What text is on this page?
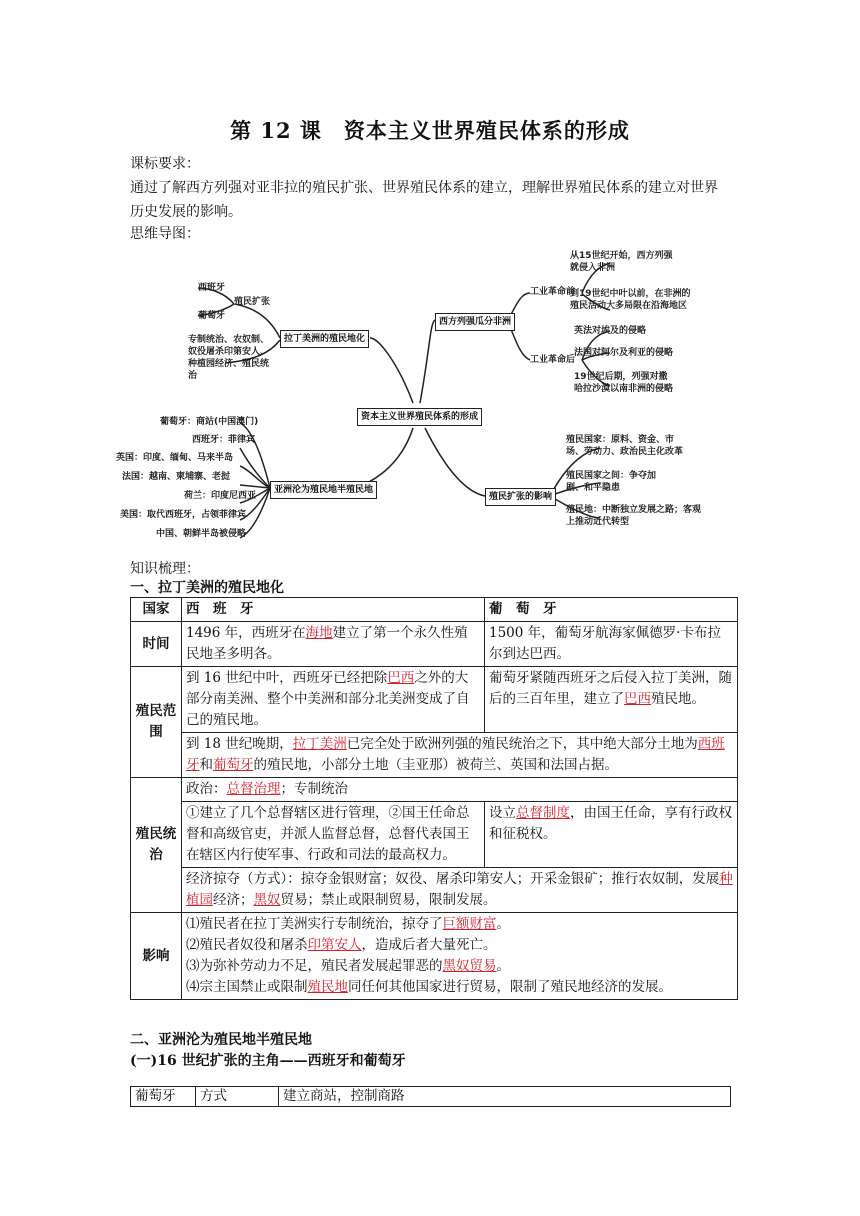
第 12 课　资本主义世界殖民体系的形成
课标要求：
通过了解西方列强对亚非拉的殖民扩张、世界殖民体系的建立，理解世界殖民体系的建立对世界历史发展的影响。
思维导图：
资本主义世界殖民体系的形成
拉丁美洲的殖民地化
西班牙
葡萄牙
殖民扩张
专制统治、农奴制、奴役屠杀印第安人、种植园经济、殖民统治
亚洲沦为殖民地半殖民地
葡萄牙：商站(中国澳门)
西班牙：菲律宾
英国：印度、缅甸、马来半岛
法国：越南、柬埔寨、老挝
荷兰：印度尼西亚
美国：取代西班牙，占领菲律宾
中国、朝鲜半岛被侵略
西方列强瓜分非洲
工业革命前
从15世纪开始，西方列强就侵入非洲
到19世纪中叶以前，在非洲的殖民活动大多局限在沿海地区
工业革命后
英法对埃及的侵略
法国对阿尔及利亚的侵略
19世纪后期，列强对撒哈拉沙漠以南非洲的侵略
殖民扩张的影响
殖民国家：原料、资金、市场、劳动力、政治民主化改革
殖民国家之间：争夺加剧、和平隐患
殖民地：中断独立发展之路；客观上推动近代转型
知识梳理：
一、拉丁美洲的殖民地化
国家	西　班　牙	葡　萄　牙
时间	1496 年，西班牙在海地建立了第一个永久性殖民地圣多明各。	1500 年，葡萄牙航海家佩德罗·卡布拉尔到达巴西。
殖民范围	到 16 世纪中叶，西班牙已经把除巴西之外的大部分南美洲、整个中美洲和部分北美洲变成了自己的殖民地。	葡萄牙紧随西班牙之后侵入拉丁美洲，随后的三百年里，建立了巴西殖民地。
	到 18 世纪晚期，拉丁美洲已完全处于欧洲列强的殖民统治之下，其中绝大部分土地为西班牙和葡萄牙的殖民地，小部分土地（圭亚那）被荷兰、英国和法国占据。	
殖民统治	政治：总督治理；专制统治	
	①建立了几个总督辖区进行管理，②国王任命总督和高级官吏，并派人监督总督，总督代表国王在辖区内行使军事、行政和司法的最高权力。	设立总督制度，由国王任命，享有行政权和征税权。
	经济掠夺（方式）：掠夺金银财富；奴役、屠杀印第安人；开采金银矿；推行农奴制，发展种植园经济；黑奴贸易；禁止或限制贸易，限制发展。	
影响	⑴殖民者在拉丁美洲实行专制统治，掠夺了巨额财富。
⑵殖民者奴役和屠杀印第安人，造成后者大量死亡。
⑶为弥补劳动力不足，殖民者发展起罪恶的黑奴贸易。
⑷宗主国禁止或限制殖民地同任何其他国家进行贸易，限制了殖民地经济的发展。	
二、亚洲沦为殖民地半殖民地
(一)16 世纪扩张的主角——西班牙和葡萄牙
葡萄牙	方式	建立商站，控制商路
